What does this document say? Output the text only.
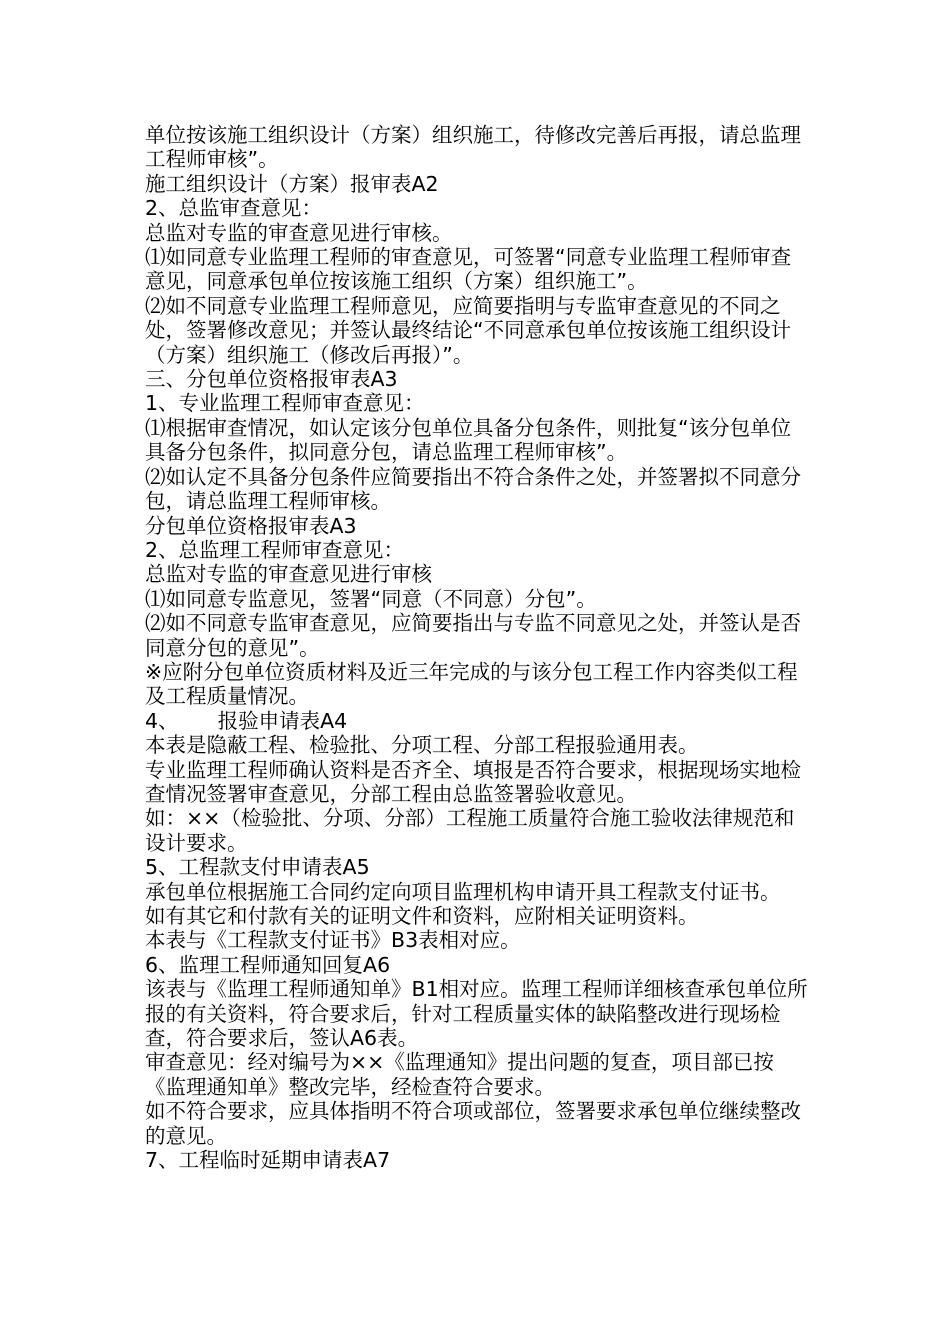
单位按该施工组织设计（方案）组织施工，待修改完善后再报，请总监理工程师审核”。

施工组织设计（方案）报审表A2

2、总监审查意见：

总监对专监的审查意见进行审核。

⑴如同意专业监理工程师的审查意见，可签署“同意专业监理工程师审查意见，同意承包单位按该施工组织（方案）组织施工”。

⑵如不同意专业监理工程师意见，应简要指明与专监审查意见的不同之处，签署修改意见；并签认最终结论“不同意承包单位按该施工组织设计（方案）组织施工（修改后再报）”。

三、分包单位资格报审表A3

1、专业监理工程师审查意见：

⑴根据审查情况，如认定该分包单位具备分包条件，则批复“该分包单位具备分包条件，拟同意分包，请总监理工程师审核”。

⑵如认定不具备分包条件应简要指出不符合条件之处，并签署拟不同意分包，请总监理工程师审核。

分包单位资格报审表A3

2、总监理工程师审查意见：

总监对专监的审查意见进行审核

⑴如同意专监意见，签署“同意（不同意）分包”。

⑵如不同意专监审查意见，应简要指出与专监不同意见之处，并签认是否同意分包的意见”。

※应附分包单位资质材料及近三年完成的与该分包工程工作内容类似工程及工程质量情况。

4、      报验申请表A4

本表是隐蔽工程、检验批、分项工程、分部工程报验通用表。

专业监理工程师确认资料是否齐全、填报是否符合要求，根据现场实地检查情况签署审查意见，分部工程由总监签署验收意见。

如：××（检验批、分项、分部）工程施工质量符合施工验收法律规范和设计要求。

5、工程款支付申请表A5

承包单位根据施工合同约定向项目监理机构申请开具工程款支付证书。

如有其它和付款有关的证明文件和资料，应附相关证明资料。

本表与《工程款支付证书》B3表相对应。

6、监理工程师通知回复A6

该表与《监理工程师通知单》B1相对应。监理工程师详细核查承包单位所报的有关资料，符合要求后，针对工程质量实体的缺陷整改进行现场检查，符合要求后，签认A6表。

审查意见：经对编号为××《监理通知》提出问题的复查，项目部已按《监理通知单》整改完毕，经检查符合要求。

如不符合要求，应具体指明不符合项或部位，签署要求承包单位继续整改的意见。

7、工程临时延期申请表A7
